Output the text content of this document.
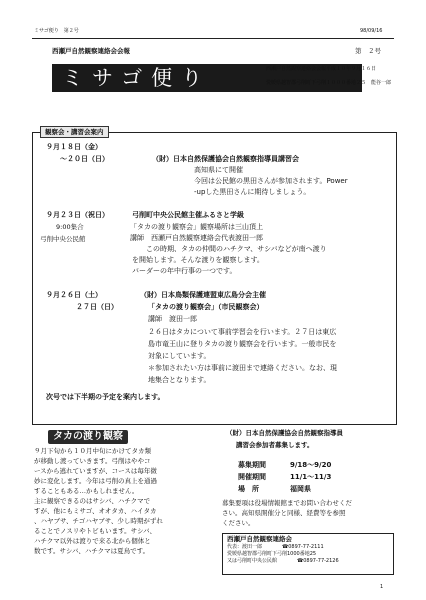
ミサゴ便り　第２号	98/09/16
西瀬戸自然観察連絡会会報	第　２号
ミサゴ便り	西瀬戸自然観察連絡会会報平成１０年９月１６日
愛媛県越智郡弓削町下弓削１０００番地２５　能谷一郎
観察会・講習会案内
９月１８日（金）
〜２０日（日）	（財）日本自然保護協会自然観察指導員講習会
高知県にて開催
今回は公民館の黒田さんが参加されます。Power
-upした黒田さんに期待しましょう。
９月２３日（祝日）	弓削町中央公民館主催ふるさと学級
9:00集合
弓削中央公民館
「タカの渡り観察会」観察場所は三山頂上
講師　西瀬戸自然観察連絡会代表渡田一郎
この時期、タカの仲間のハチクマ、サシバなどが南へ渡り
を開始します。そんな渡りを観察します。
バーダーの年中行事の一つです。
９月２６日（土）
２７日（日）
（財）日本鳥類保護連盟東広島分会主催
「タカの渡り観察会」（市民観察会）
講師　渡田一郎
２６日はタカについて事前学習会を行います。２７日は東広
島市竜王山に登りタカの渡り観察会を行います。一般市民を
対象にしています。
＊参加されたい方は事前に渡田まで連絡ください。なお、現
地集合となります。
次号では下半期の予定を案内します。
タカの渡り観察
９月下旬から１０月中旬にかけてタカ類
が移動し渡っていきます。弓削はややコ
ースから逃れていますが、コースは毎年微
妙に変化します。今年は弓削の真上を通過
することもある…かもしれません。
主に観察できるのはサシバ、ハチクマで
すが、他にもミサゴ、オオタカ、ハイタカ
、ハヤブサ、チゴハヤブサ、少し時期がずれ
ることでノスリやトビもいます。サシバ、
ハチクマ以外は渡りで来る北から個体と
数です。サシバ、ハチクマは夏鳥です。
（財）日本自然保護協会自然観察指導員
講習会参加者募集します。
募集期間	9/18〜9/20
開催期間	11/1〜11/3
場　所	福岡県
募集要項は役場情報館までお問い合わせくだ
さい。高知県開催分と同様、経費等を参照
ください。
西瀬戸自然観察連絡会
代表：渡田一郎　　　　☎0897-77-2111
愛媛県越智郡弓削町下弓削1000番地25
又は弓削町中央公民館　　　　☎0897-77-2126
1
